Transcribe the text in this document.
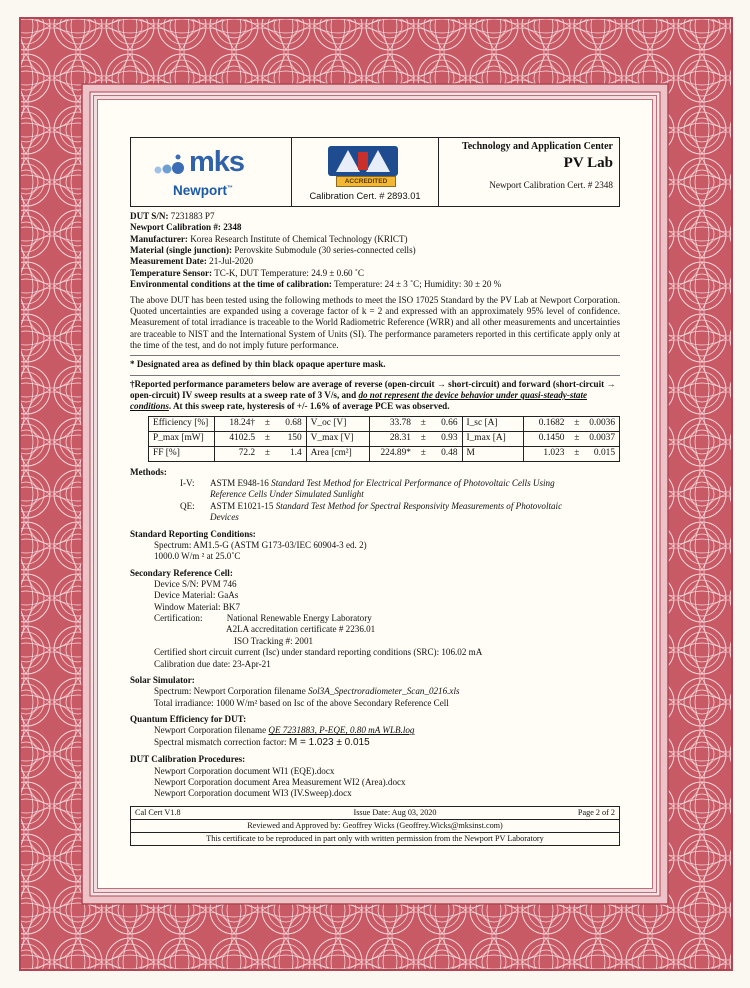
mks
Newport™
ACCREDITED
Calibration Cert. # 2893.01
Technology and Application Center
PV Lab
Newport Calibration Cert. # 2348
DUT S/N: 7231883 P7
Newport Calibration #: 2348
Manufacturer: Korea Research Institute of Chemical Technology (KRICT)
Material (single junction): Perovskite Submodule (30 series-connected cells)
Measurement Date: 21-Jul-2020
Temperature Sensor: TC-K, DUT Temperature: 24.9 ± 0.60 ˚C
Environmental conditions at the time of calibration: Temperature: 24 ± 3 ˚C; Humidity: 30 ± 20 %
The above DUT has been tested using the following methods to meet the ISO 17025 Standard by the PV Lab at Newport Corporation. Quoted uncertainties are expanded using a coverage factor of k = 2 and expressed with an approximately 95% level of confidence. Measurement of total irradiance is traceable to the World Radiometric Reference (WRR) and all other measurements and uncertainties are traceable to NIST and the International System of Units (SI). The performance parameters reported in this certificate apply only at the time of the test, and do not imply future performance.
* Designated area as defined by thin black opaque aperture mask.
†Reported performance parameters below are average of reverse (open-circuit → short-circuit) and forward (short-circuit → open-circuit) IV sweep results at a sweep rate of 3 V/s, and do not represent the device behavior under quasi-steady-state conditions. At this sweep rate, hysteresis of +/- 1.6% of average PCE was observed.
Efficiency [%]	18.24†	±	0.68	V_oc [V]	33.78	±	0.66	I_sc [A]	0.1682	±	0.0036
P_max [mW]	4102.5	±	150	V_max [V]	28.31	±	0.93	I_max [A]	0.1450	±	0.0037
FF [%]	72.2	±	1.4	Area [cm²]	224.89*	±	0.48	M	1.023	±	0.015
Methods:
I-V:	ASTM E948-16 Standard Test Method for Electrical Performance of Photovoltaic Cells Using
Reference Cells Under Simulated Sunlight
QE:	ASTM E1021-15 Standard Test Method for Spectral Responsivity Measurements of Photovoltaic
Devices
Standard Reporting Conditions:
Spectrum: AM1.5-G (ASTM G173-03/IEC 60904-3 ed. 2)
1000.0 W/m ² at 25.0˚C
Secondary Reference Cell:
Device S/N: PVM 746
Device Material: GaAs
Window Material: BK7
Certification:	National Renewable Energy Laboratory
A2LA accreditation certificate # 2236.01
ISO Tracking #: 2001
Certified short circuit current (Isc) under standard reporting conditions (SRC): 106.02 mA
Calibration due date: 23-Apr-21
Solar Simulator:
Spectrum: Newport Corporation filename Sol3A_Spectroradiometer_Scan_0216.xls
Total irradiance: 1000 W/m² based on Isc of the above Secondary Reference Cell
Quantum Efficiency for DUT:
Newport Corporation filename QE 7231883, P-EQE, 0.80 mA WLB.log
Spectral mismatch correction factor: M = 1.023 ± 0.015
DUT Calibration Procedures:
Newport Corporation document WI1 (EQE).docx
Newport Corporation document Area Measurement WI2 (Area).docx
Newport Corporation document WI3 (IV.Sweep).docx
Cal Cert V1.8	Issue Date: Aug 03, 2020	Page 2 of 2
Reviewed and Approved by: Geoffrey Wicks (Geoffrey.Wicks@mksinst.com)
This certificate to be reproduced in part only with written permission from the Newport PV Laboratory
